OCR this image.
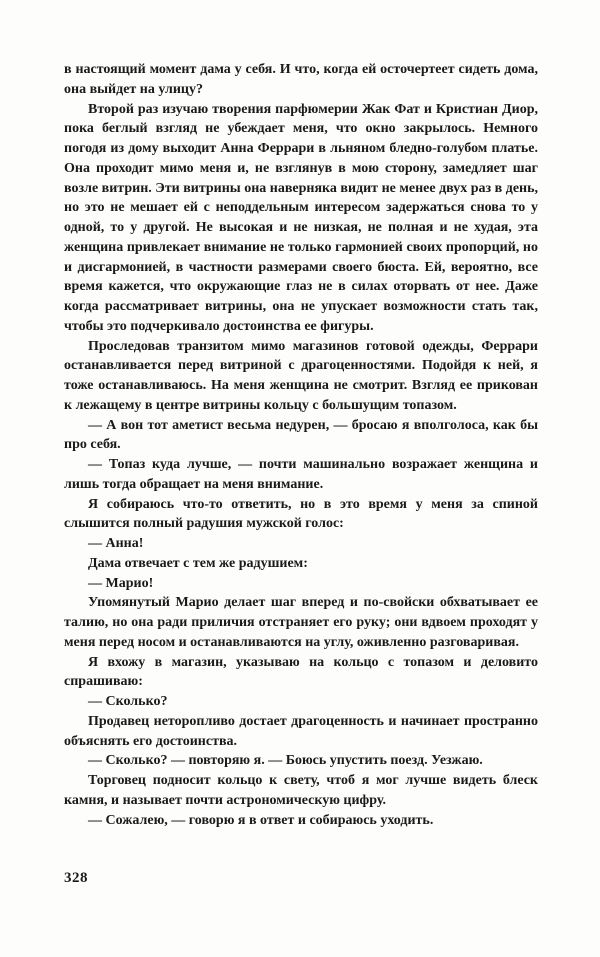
в настоящий момент дама у себя. И что, когда ей осточертеет сидеть дома, она выйдет на улицу?

Второй раз изучаю творения парфюмерии Жак Фат и Кристиан Диор, пока беглый взгляд не убеждает меня, что окно закрылось. Немного погодя из дому выходит Анна Феррари в льняном бледно-голубом платье. Она проходит мимо меня и, не взглянув в мою сторону, замедляет шаг возле витрин. Эти витрины она наверняка видит не менее двух раз в день, но это не мешает ей с неподдельным интересом задержаться снова то у одной, то у другой. Не высокая и не низкая, не полная и не худая, эта женщина привлекает внимание не только гармонией своих пропорций, но и дисгармонией, в частности размерами своего бюста. Ей, вероятно, все время кажется, что окружающие глаз не в силах оторвать от нее. Даже когда рассматривает витрины, она не упускает возможности стать так, чтобы это подчеркивало достоинства ее фигуры.

Проследовав транзитом мимо магазинов готовой одежды, Феррари останавливается перед витриной с драгоценностями. Подойдя к ней, я тоже останавливаюсь. На меня женщина не смотрит. Взгляд ее прикован к лежащему в центре витрины кольцу с большущим топазом.

— А вон тот аметист весьма недурен, — бросаю я вполголоса, как бы про себя.

— Топаз куда лучше, — почти машинально возражает женщина и лишь тогда обращает на меня внимание.

Я собираюсь что-то ответить, но в это время у меня за спиной слышится полный радушия мужской голос:

— Анна!

Дама отвечает с тем же радушием:

— Марио!

Упомянутый Марио делает шаг вперед и по-свойски обхватывает ее талию, но она ради приличия отстраняет его руку; они вдвоем проходят у меня перед носом и останавливаются на углу, оживленно разговаривая.

Я вхожу в магазин, указываю на кольцо с топазом и деловито спрашиваю:

— Сколько?

Продавец неторопливо достает драгоценность и начинает пространно объяснять его достоинства.

— Сколько? — повторяю я. — Боюсь упустить поезд. Уезжаю.

Торговец подносит кольцо к свету, чтоб я мог лучше видеть блеск камня, и называет почти астрономическую цифру.

— Сожалею, — говорю я в ответ и собираюсь уходить.

328
